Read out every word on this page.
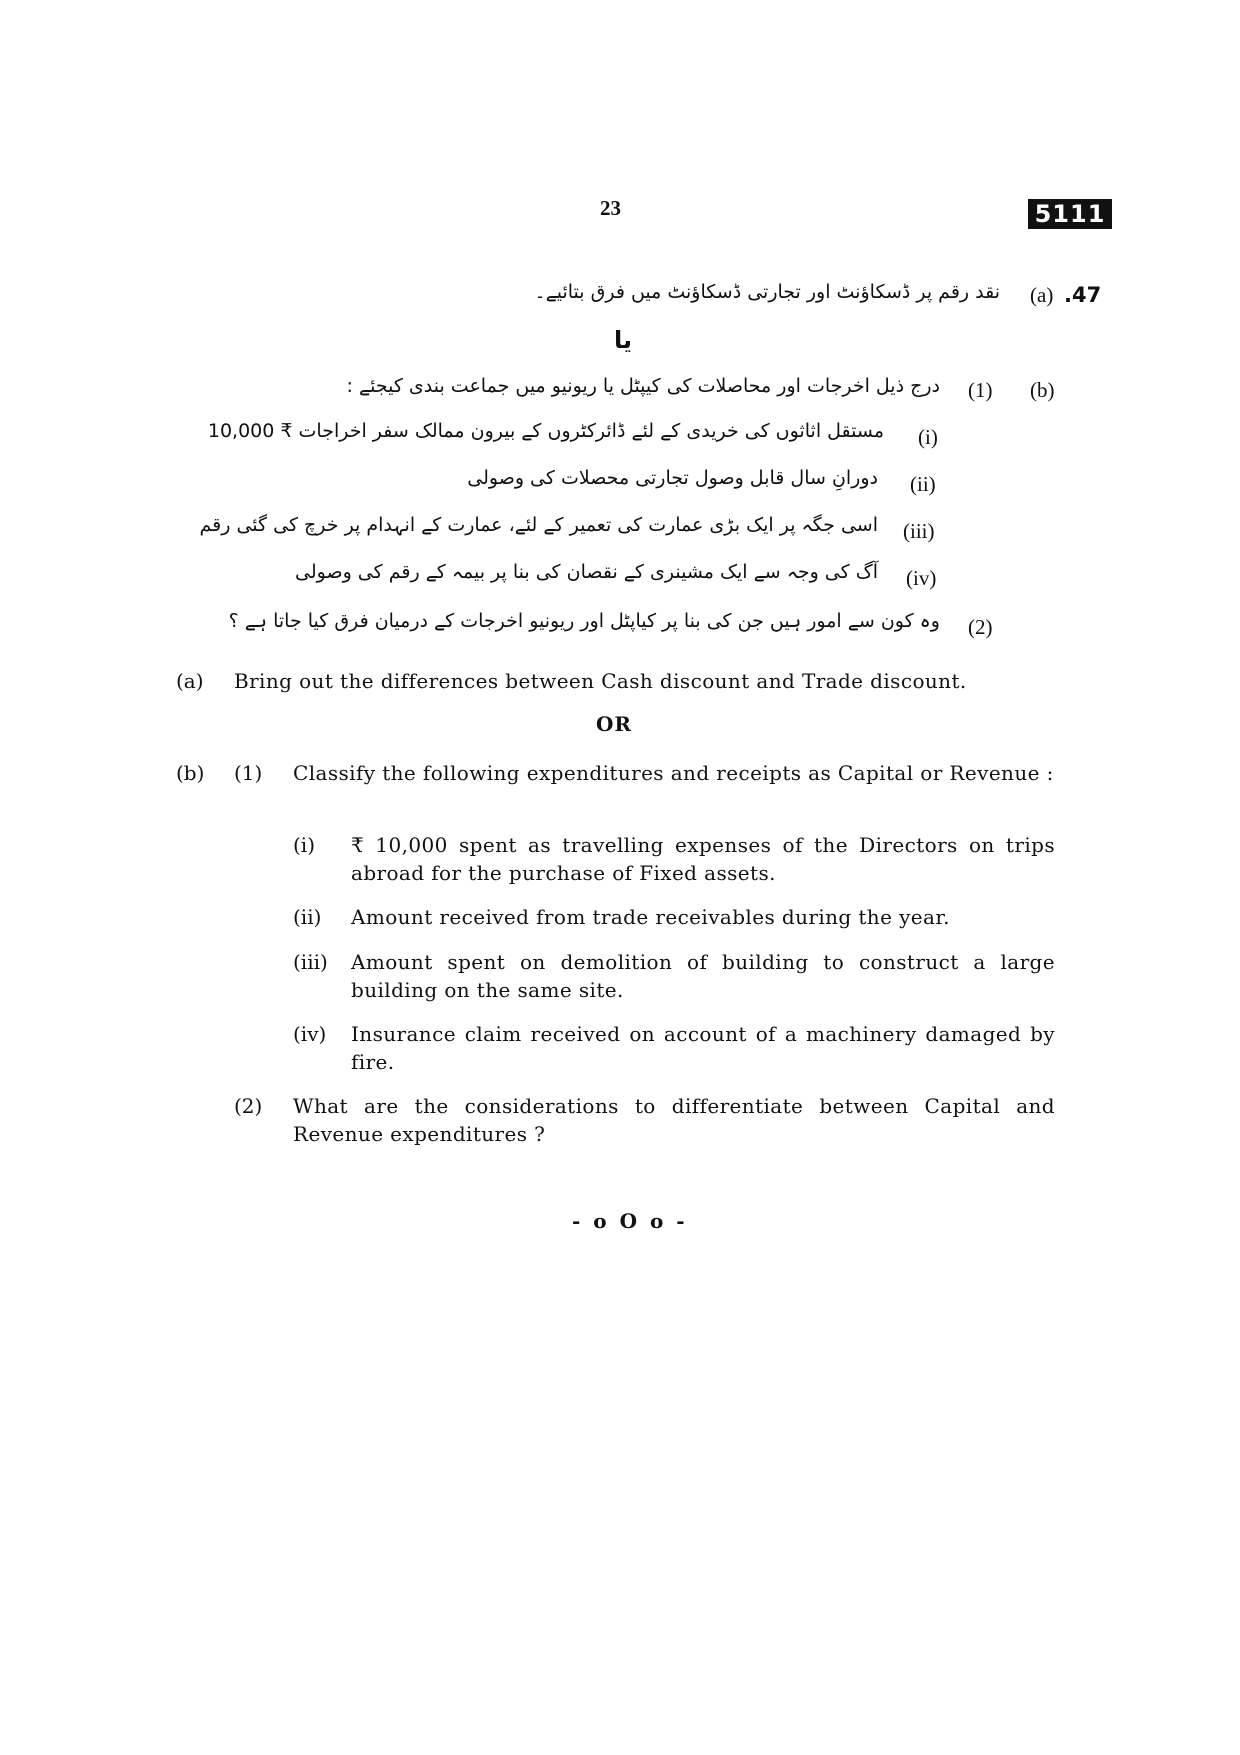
23	5111
.47
(a)
نقد رقم پر ڈسکاؤنٹ اور تجارتی ڈسکاؤنٹ میں فرق بتائیے۔
یا
(b)
(1)
درج ذیل اخرجات اور محاصلات کی کیپٹل یا ریونیو میں جماعت بندی کیجئے :
(i)
مستقل اثاثوں کی خریدی کے لئے ڈائرکٹروں کے بیرون ممالک سفر اخراجات ₹ 10,000
(ii)
دورانِ سال قابل وصول تجارتی محصلات کی وصولی
(iii)
اسی جگہ پر ایک بڑی عمارت کی تعمیر کے لئے، عمارت کے انہدام پر خرچ کی گئی رقم
(iv)
آگ کی وجہ سے ایک مشینری کے نقصان کی بنا پر بیمہ کے رقم کی وصولی
(2)
وہ کون سے امور ہیں جن کی بنا پر کیاپٹل اور ریونیو اخرجات کے درمیان فرق کیا جاتا ہے ؟
(a) Bring out the differences between Cash discount and Trade discount.
OR
(b) (1) Classify the following expenditures and receipts as Capital or Revenue :
(i) ₹ 10,000 spent as travelling expenses of the Directors on trips abroad for the purchase of Fixed assets.
(ii) Amount received from trade receivables during the year.
(iii) Amount spent on demolition of building to construct a large building on the same site.
(iv) Insurance claim received on account of a machinery damaged by fire.
(2) What are the considerations to differentiate between Capital and Revenue expenditures ?
- o O o -
